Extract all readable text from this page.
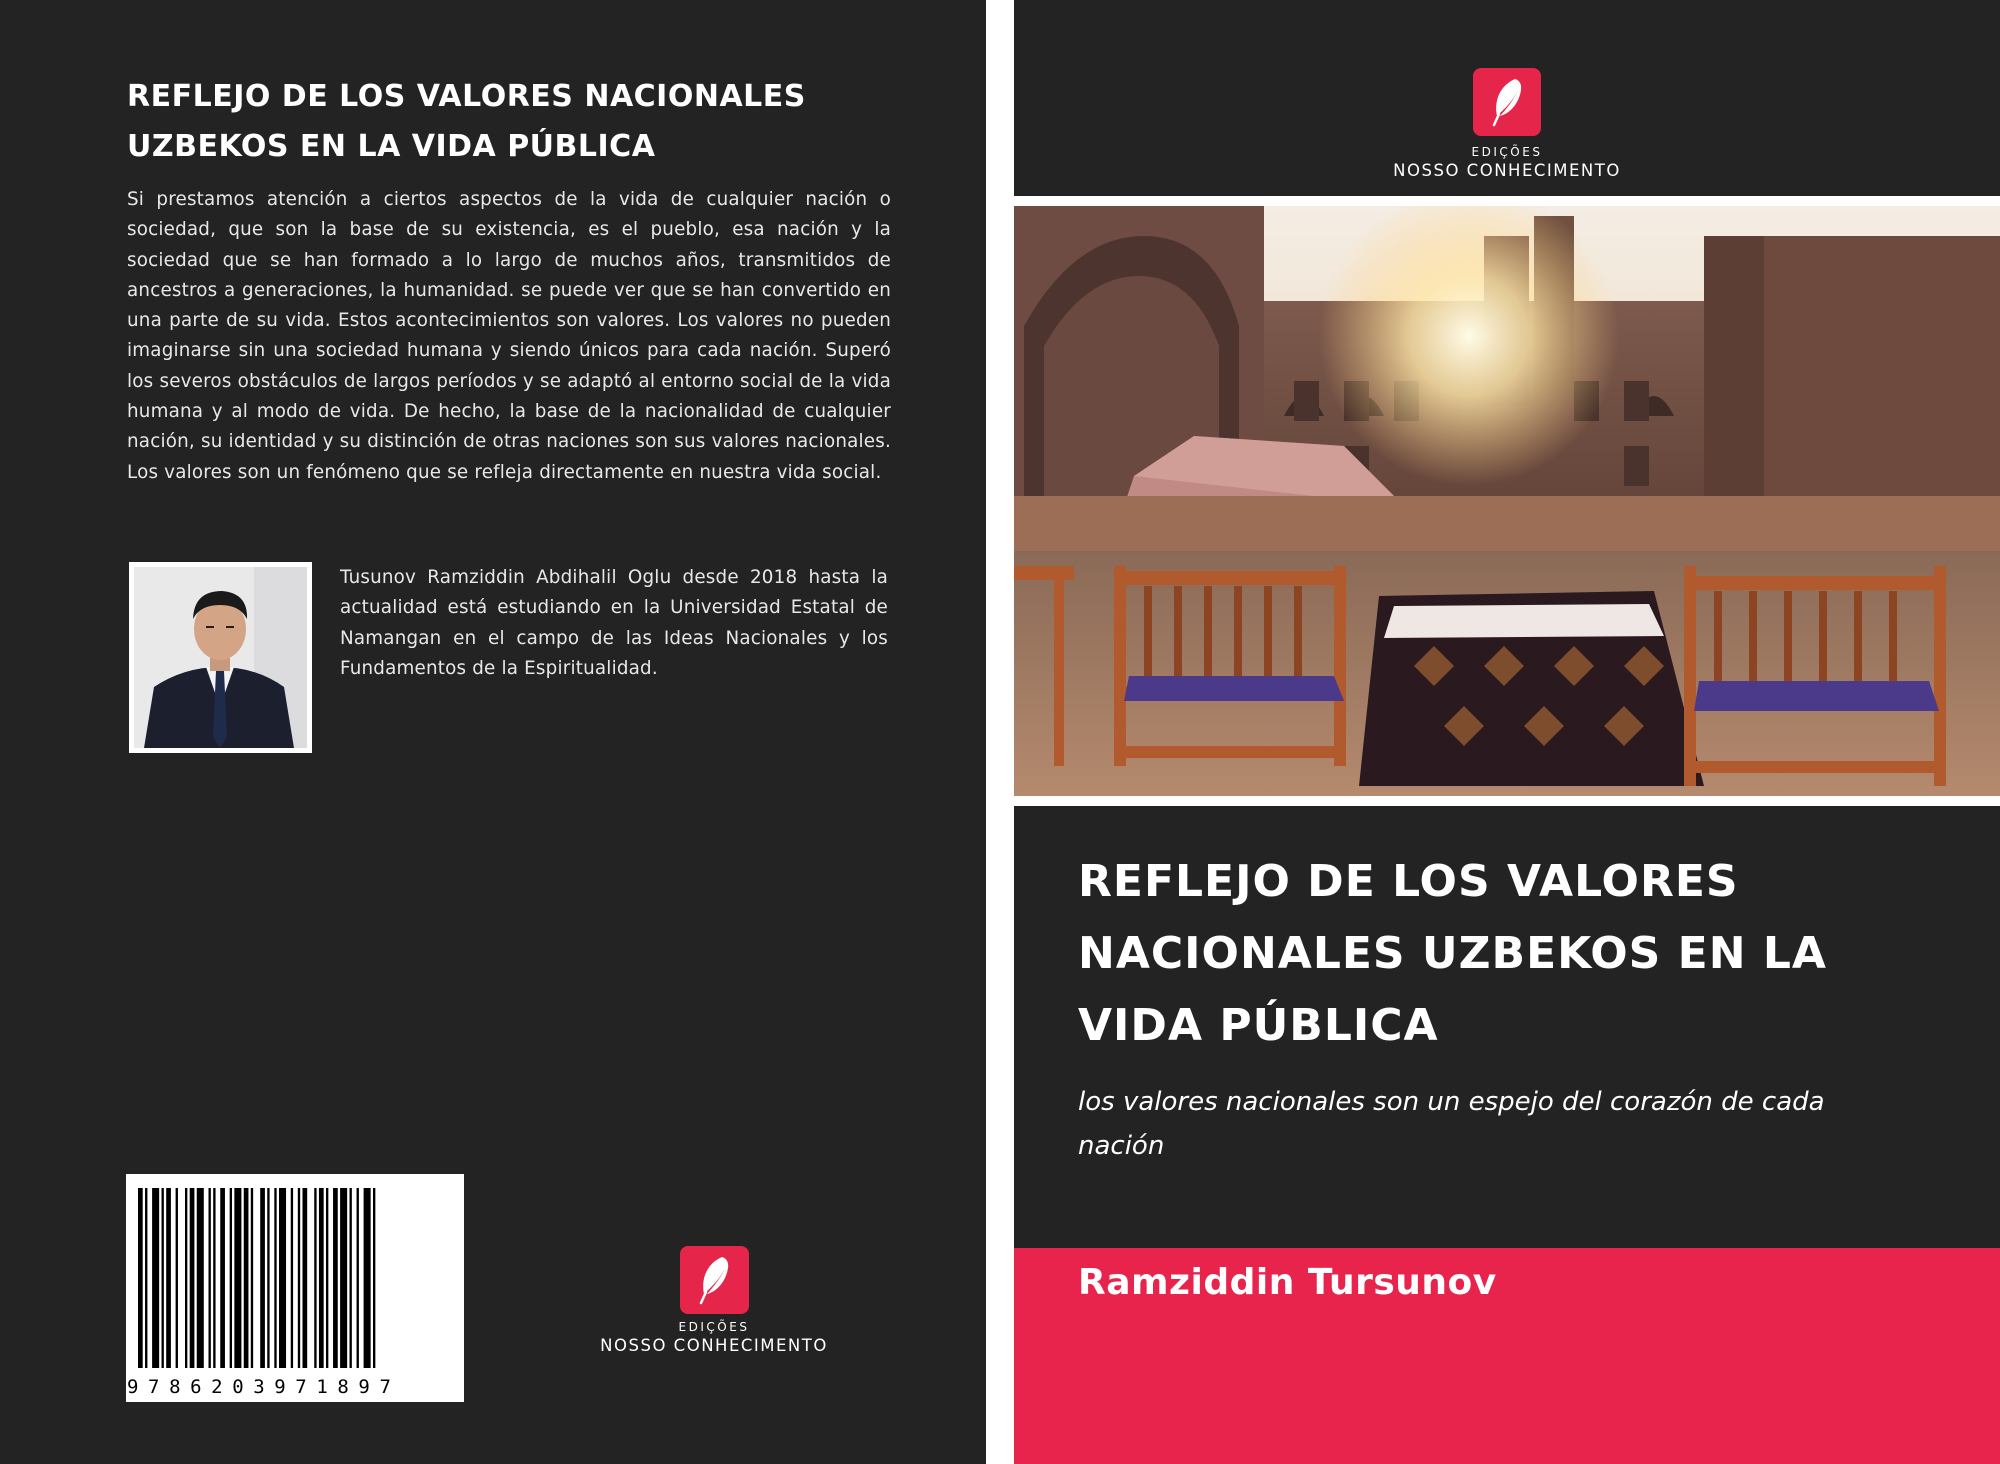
REFLEJO DE LOS VALORES NACIONALES UZBEKOS EN LA VIDA PÚBLICA
Si prestamos atención a ciertos aspectos de la vida de cualquier nación o sociedad, que son la base de su existencia, es el pueblo, esa nación y la sociedad que se han formado a lo largo de muchos años, transmitidos de ancestros a generaciones, la humanidad. se puede ver que se han convertido en una parte de su vida. Estos acontecimientos son valores. Los valores no pueden imaginarse sin una sociedad humana y siendo únicos para cada nación. Superó los severos obstáculos de largos períodos y se adaptó al entorno social de la vida humana y al modo de vida. De hecho, la base de la nacionalidad de cualquier nación, su identidad y su distinción de otras naciones son sus valores nacionales. Los valores son un fenómeno que se refleja directamente en nuestra vida social.
Tusunov Ramziddin Abdihalil Oglu desde 2018 hasta la actualidad está estudiando en la Universidad Estatal de Namangan en el campo de las Ideas Nacionales y los Fundamentos de la Espiritualidad.
9786203971897
EDIÇÕES
NOSSO CONHECIMENTO
EDIÇÕES
NOSSO CONHECIMENTO
REFLEJO DE LOS VALORES NACIONALES UZBEKOS EN LA VIDA PÚBLICA
los valores nacionales son un espejo del corazón de cada nación
Ramziddin Tursunov
